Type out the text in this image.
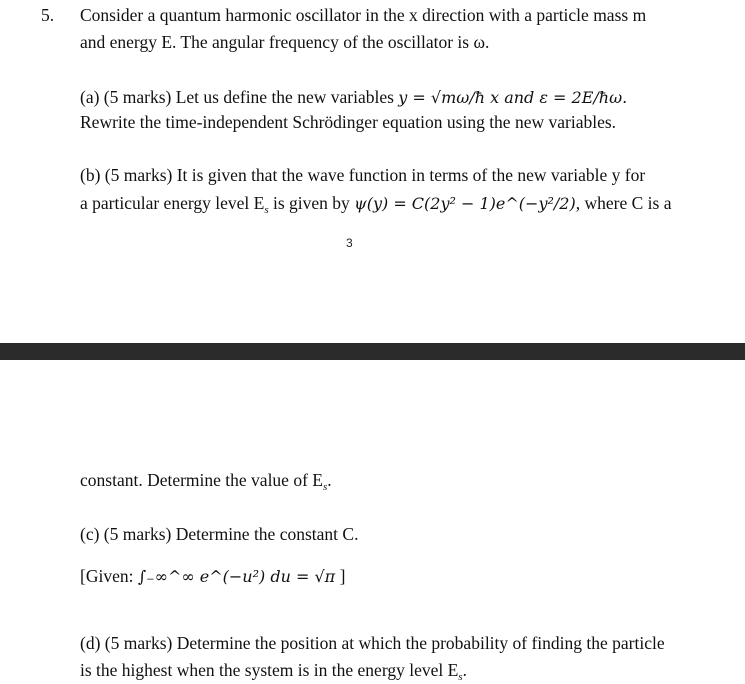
5. Consider a quantum harmonic oscillator in the x direction with a particle mass m
and energy E. The angular frequency of the oscillator is ω.
(a) (5 marks) Let us define the new variables y = √mω/ħ x and ε = 2E/ħω.
Rewrite the time-independent Schrödinger equation using the new variables.
(b) (5 marks) It is given that the wave function in terms of the new variable y for
a particular energy level $E_s$ is given by ψ(y) = C(2y² − 1)e^(−y²/2), where C is a
3
constant. Determine the value of $E_s$.
(c) (5 marks) Determine the constant C.
[Given: ∫₋∞^∞ e^(−u²) du = √π ]
(d) (5 marks) Determine the position at which the probability of finding the particle
is the highest when the system is in the energy level $E_s$.
